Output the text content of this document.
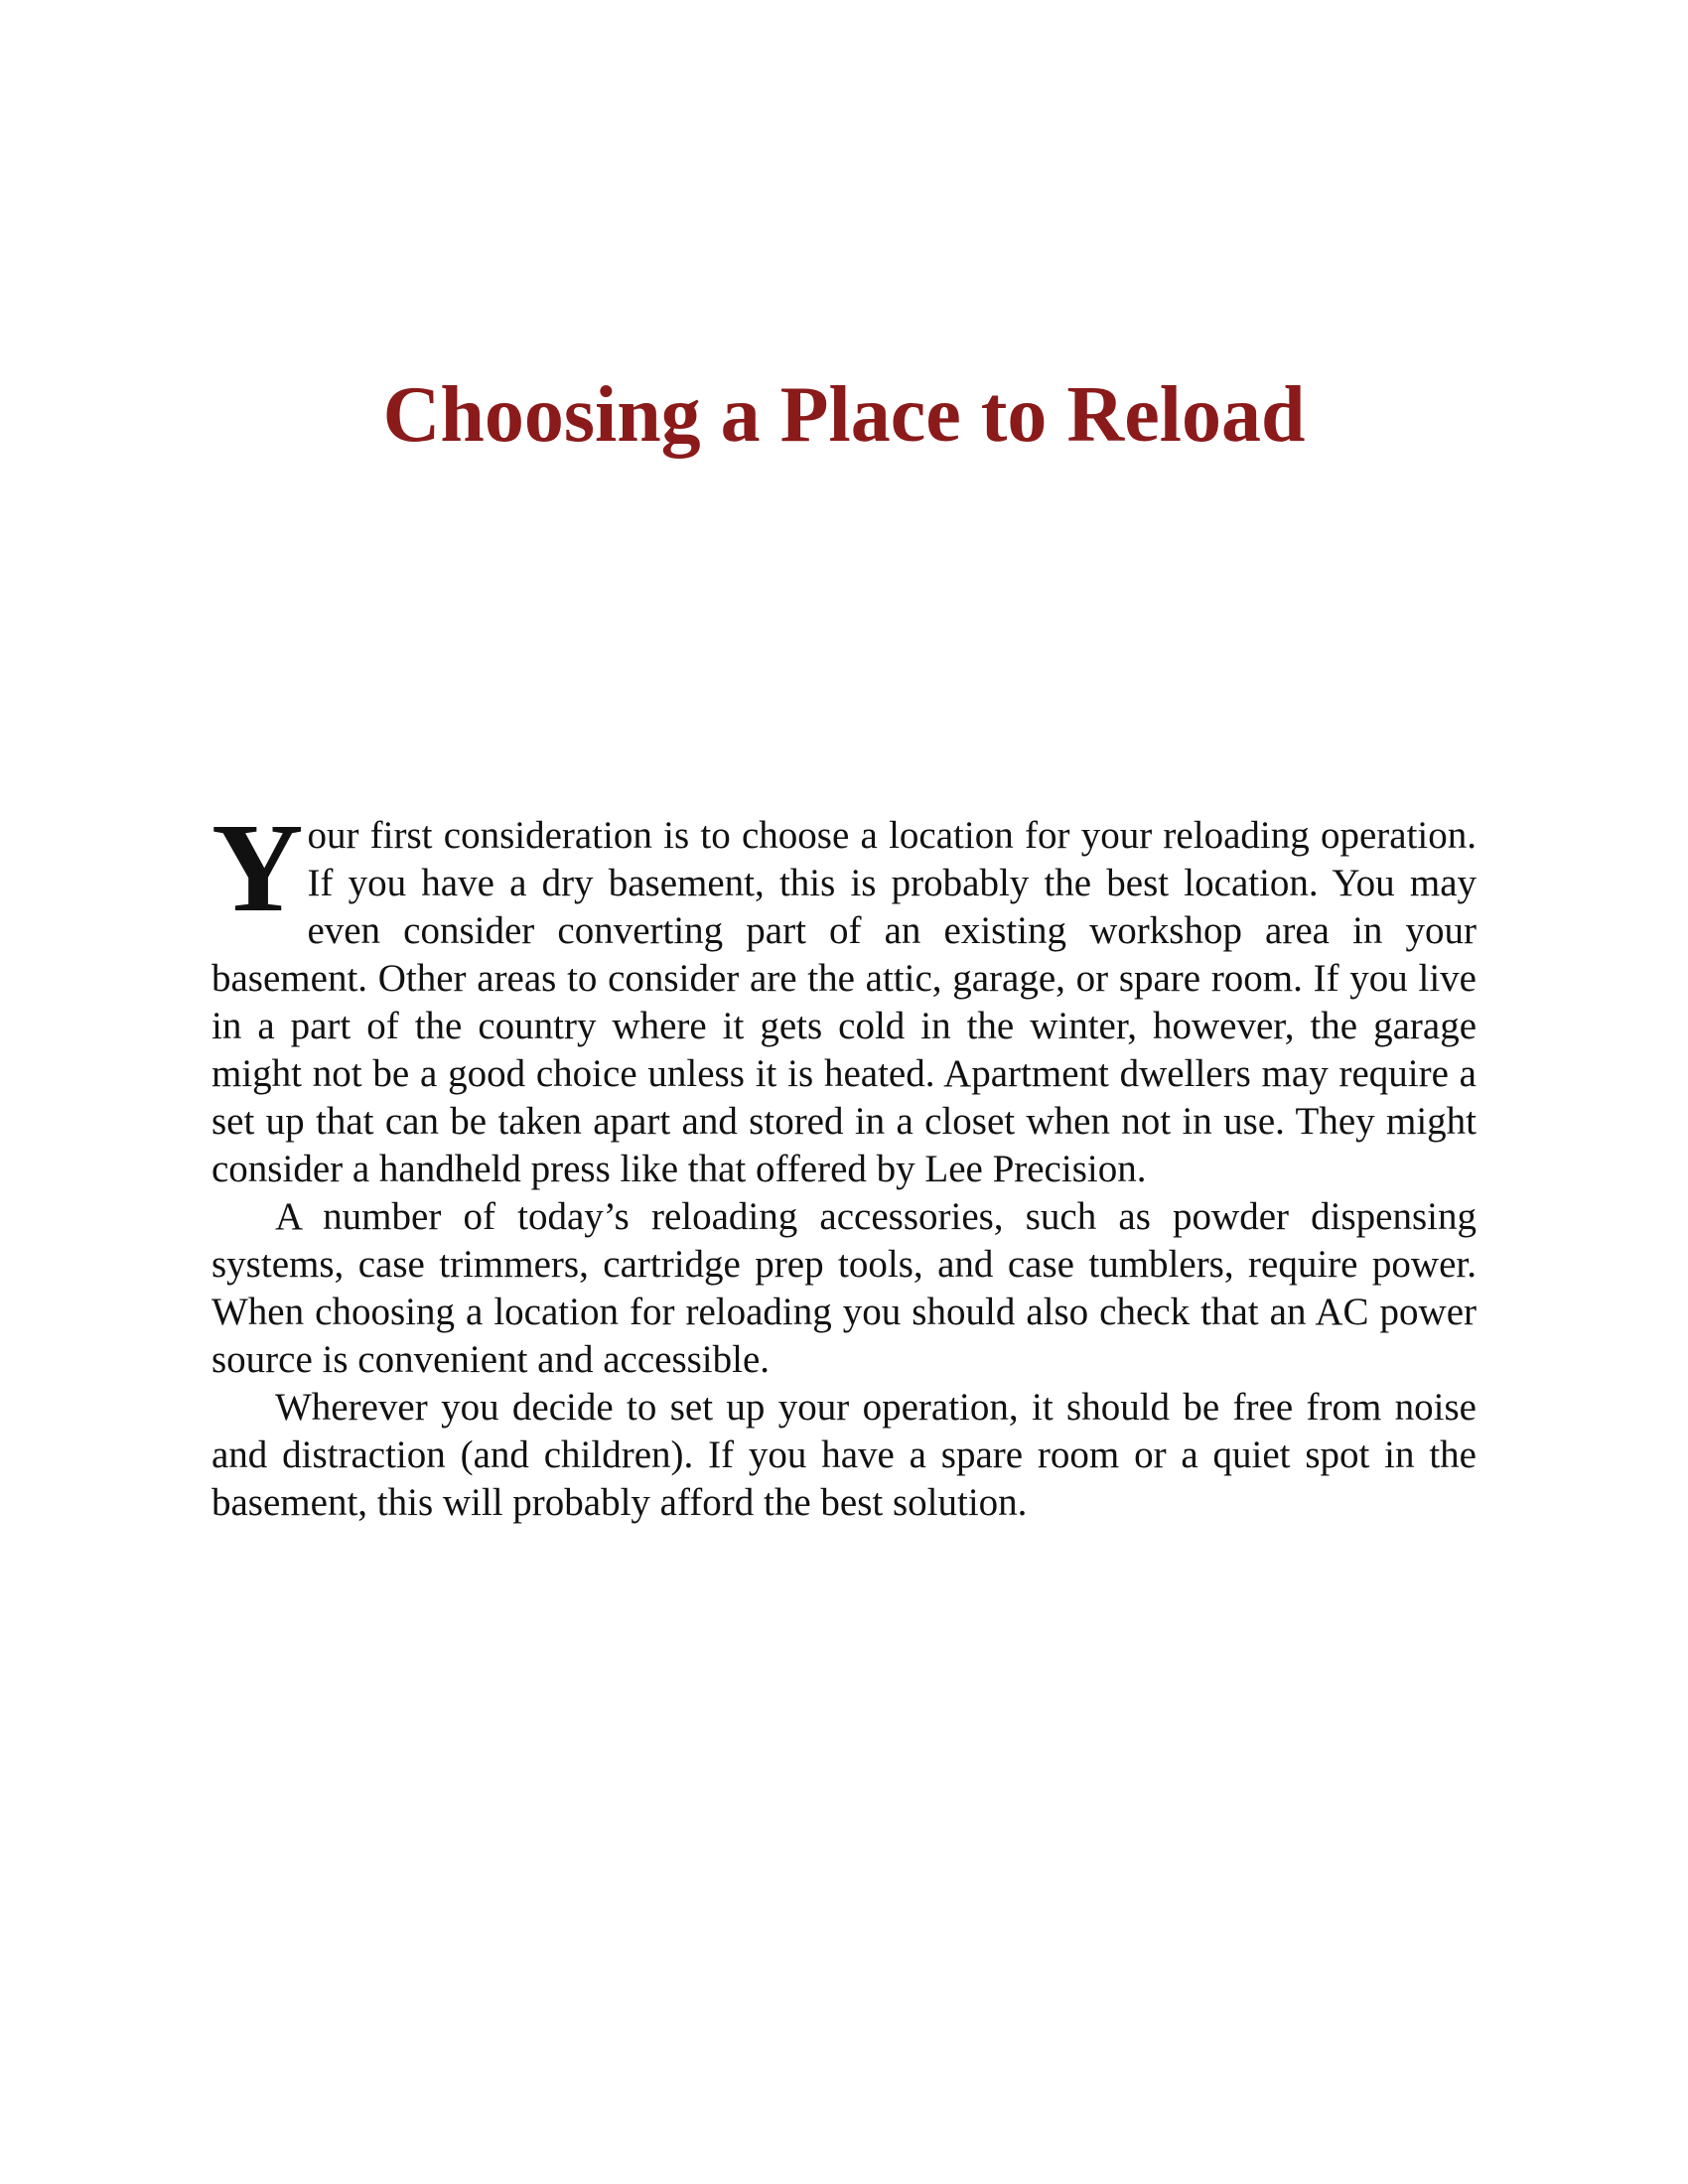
Choosing a Place to Reload

Your first consideration is to choose a location for your reloading operation. If you have a dry basement, this is probably the best location. You may even consider converting part of an existing workshop area in your basement. Other areas to consider are the attic, garage, or spare room. If you live in a part of the country where it gets cold in the winter, however, the garage might not be a good choice unless it is heated. Apartment dwellers may require a set up that can be taken apart and stored in a closet when not in use. They might consider a handheld press like that offered by Lee Precision.

A number of today’s reloading accessories, such as powder dispensing systems, case trimmers, cartridge prep tools, and case tumblers, require power. When choosing a location for reloading you should also check that an AC power source is convenient and accessible.

Wherever you decide to set up your operation, it should be free from noise and distraction (and children). If you have a spare room or a quiet spot in the basement, this will probably afford the best solution.
